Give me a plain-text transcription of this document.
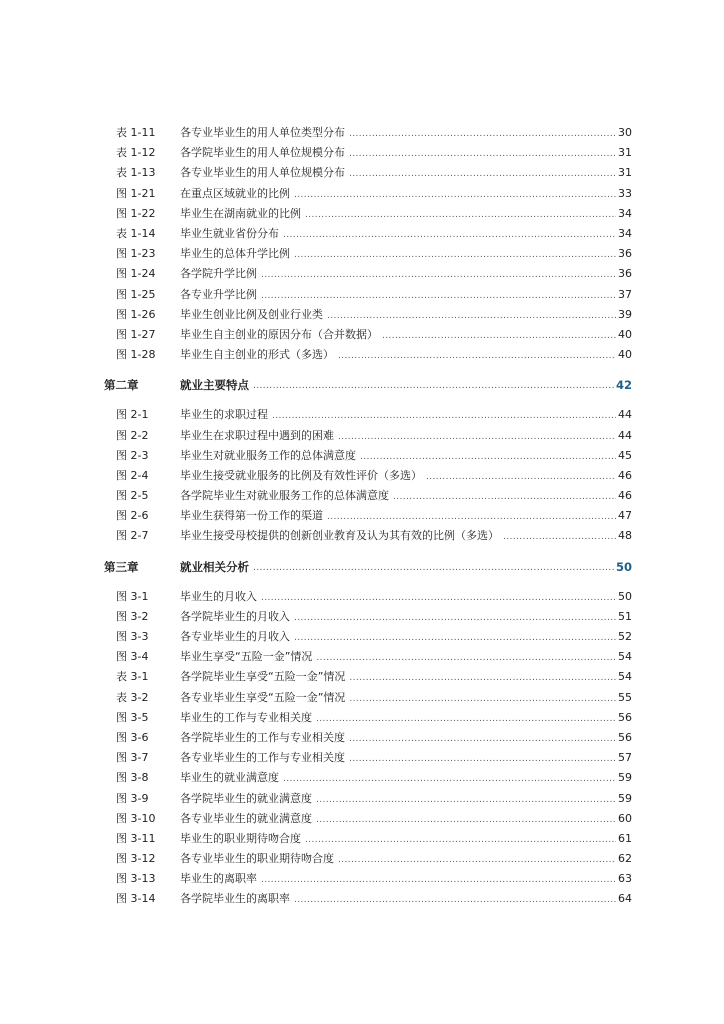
表 1-11	各专业毕业生的用人单位类型分布 .....	30
表 1-12	各学院毕业生的用人单位规模分布 .....	31
表 1-13	各专业毕业生的用人单位规模分布 .....	31
图 1-21	在重点区域就业的比例 .....	33
图 1-22	毕业生在湖南就业的比例 .....	34
表 1-14	毕业生就业省份分布 .....	34
图 1-23	毕业生的总体升学比例 .....	36
图 1-24	各学院升学比例 .....	36
图 1-25	各专业升学比例 .....	37
图 1-26	毕业生创业比例及创业行业类 .....	39
图 1-27	毕业生自主创业的原因分布（合并数据） .....	40
图 1-28	毕业生自主创业的形式（多选） .....	40
第二章	就业主要特点 .....	42
图 2-1	毕业生的求职过程 .....	44
图 2-2	毕业生在求职过程中遇到的困难 .....	44
图 2-3	毕业生对就业服务工作的总体满意度 .....	45
图 2-4	毕业生接受就业服务的比例及有效性评价（多选） .....	46
图 2-5	各学院毕业生对就业服务工作的总体满意度 .....	46
图 2-6	毕业生获得第一份工作的渠道 .....	47
图 2-7	毕业生接受母校提供的创新创业教育及认为其有效的比例（多选） .....	48
第三章	就业相关分析 .....	50
图 3-1	毕业生的月收入 .....	50
图 3-2	各学院毕业生的月收入 .....	51
图 3-3	各专业毕业生的月收入 .....	52
图 3-4	毕业生享受“五险一金”情况 .....	54
表 3-1	各学院毕业生享受“五险一金”情况 .....	54
表 3-2	各专业毕业生享受“五险一金”情况 .....	55
图 3-5	毕业生的工作与专业相关度 .....	56
图 3-6	各学院毕业生的工作与专业相关度 .....	56
图 3-7	各专业毕业生的工作与专业相关度 .....	57
图 3-8	毕业生的就业满意度 .....	59
图 3-9	各学院毕业生的就业满意度 .....	59
图 3-10	各专业毕业生的就业满意度 .....	60
图 3-11	毕业生的职业期待吻合度 .....	61
图 3-12	各专业毕业生的职业期待吻合度 .....	62
图 3-13	毕业生的离职率 .....	63
图 3-14	各学院毕业生的离职率 .....	64
